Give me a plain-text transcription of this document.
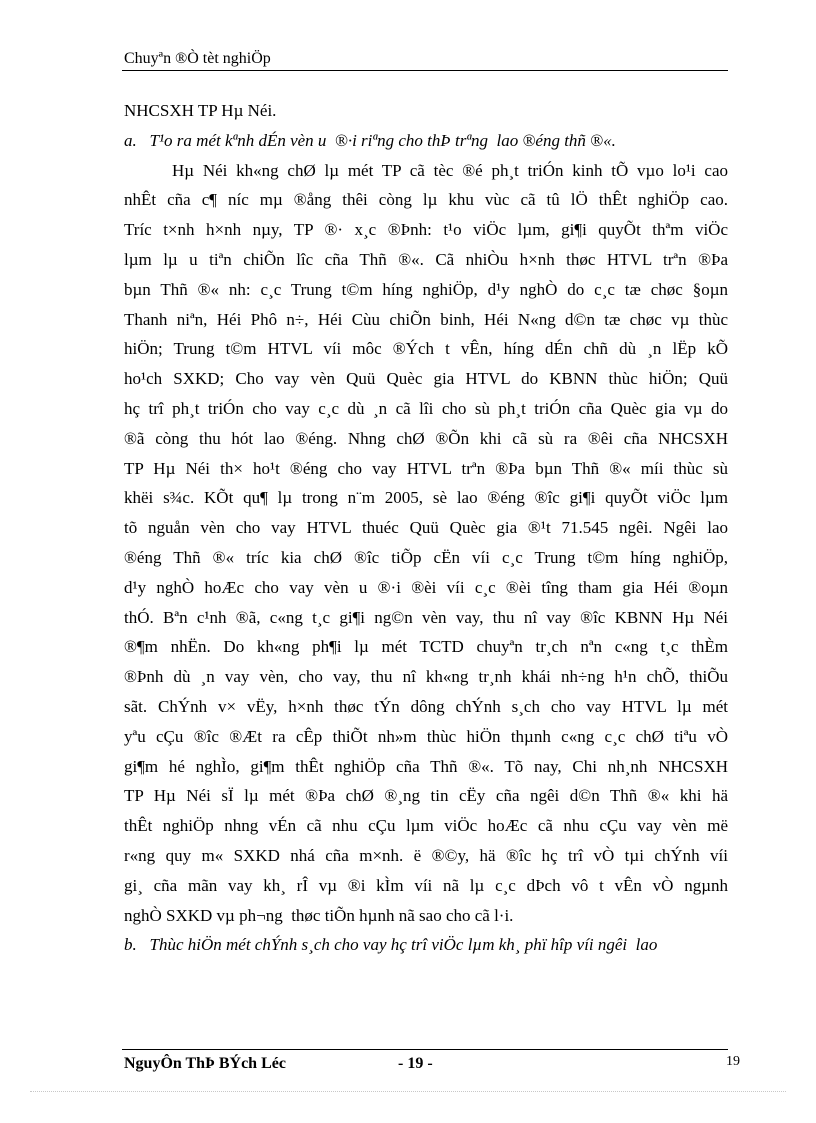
Chuyªn ®Ò tèt nghiÖp
NHCSXH TP Hµ Néi.
a.   T¹o ra mét kªnh dÉn vèn u  ®·i riªng cho thÞ trªng  lao ®éng thñ ®«.
Hµ Néi kh«ng chØ lµ mét TP cã tèc ®é ph¸t triÓn kinh tÕ vµo lo¹i cao
nhÊt cña c¶ níc mµ ®ång thêi còng lµ khu vùc cã tû lÖ thÊt nghiÖp cao.
Tríc t×nh h×nh nµy, TP ®· x¸c ®Þnh: t¹o viÖc lµm, gi¶i quyÕt thªm viÖc
lµm lµ u tiªn chiÕn lîc cña Thñ ®«. Cã nhiÒu h×nh thøc HTVL trªn ®Þa
bµn Thñ ®« nh: c¸c Trung t©m híng nghiÖp, d¹y nghÒ do c¸c tæ chøc §oµn
Thanh niªn, Héi Phô n÷, Héi Cùu chiÕn binh, Héi N«ng d©n tæ chøc vµ thùc
hiÖn; Trung t©m HTVL víi môc ®Ých t vÊn, híng dÉn chñ dù ¸n lËp kÕ
ho¹ch SXKD; Cho vay vèn Quü Quèc gia HTVL do KBNN thùc hiÖn; Quü
hç trî ph¸t triÓn cho vay c¸c dù ¸n cã lîi cho sù ph¸t triÓn cña Quèc gia vµ do
®ã còng thu hót lao ®éng. Nhng chØ ®Õn khi cã sù ra ®êi cña NHCSXH
TP Hµ Néi th× ho¹t ®éng cho vay HTVL trªn ®Þa bµn Thñ ®« míi thùc sù
khëi s¾c. KÕt qu¶ lµ trong n¨m 2005, sè lao ®éng ®îc gi¶i quyÕt viÖc lµm
tõ nguån vèn cho vay HTVL thuéc Quü Quèc gia ®¹t 71.545 ngêi. Ngêi lao
®éng Thñ ®« tríc kia chØ ®îc tiÕp cËn víi c¸c Trung t©m híng nghiÖp,
d¹y nghÒ hoÆc cho vay vèn u ®·i ®èi víi c¸c ®èi tîng tham gia Héi ®oµn
thÓ. Bªn c¹nh ®ã, c«ng t¸c gi¶i ng©n vèn vay, thu nî vay ®îc KBNN Hµ Néi
®¶m nhËn. Do kh«ng ph¶i lµ mét TCTD chuyªn tr¸ch nªn c«ng t¸c thÈm
®Þnh dù ¸n vay vèn, cho vay, thu nî kh«ng tr¸nh khái nh÷ng h¹n chÕ, thiÕu
sãt. ChÝnh v× vËy, h×nh thøc tÝn dông chÝnh s¸ch cho vay HTVL lµ mét
yªu cÇu ®îc ®Æt ra cÊp thiÕt nh»m thùc hiÖn thµnh c«ng c¸c chØ tiªu vÒ
gi¶m hé nghÌo, gi¶m thÊt nghiÖp cña Thñ ®«. Tõ nay, Chi nh¸nh NHCSXH
TP Hµ Néi sÏ lµ mét ®Þa chØ ®¸ng tin cËy cña ngêi d©n Thñ ®« khi hä
thÊt nghiÖp nhng vÉn cã nhu cÇu lµm viÖc hoÆc cã nhu cÇu vay vèn më
r«ng quy m« SXKD nhá cña m×nh. ë ®©y, hä ®îc hç trî vÒ tµi chÝnh víi
gi¸ cña mãn vay kh¸ rÎ vµ ®i kÌm víi nã lµ c¸c dÞch vô t vÊn vÒ ngµnh
nghÒ SXKD vµ ph¬ng  thøc tiÕn hµnh nã sao cho cã l·i.
b.   Thùc hiÖn mét chÝnh s¸ch cho vay hç trî viÖc lµm kh¸ phï hîp víi ngêi  lao
NguyÔn ThÞ BÝch Léc	- 19 -	19
